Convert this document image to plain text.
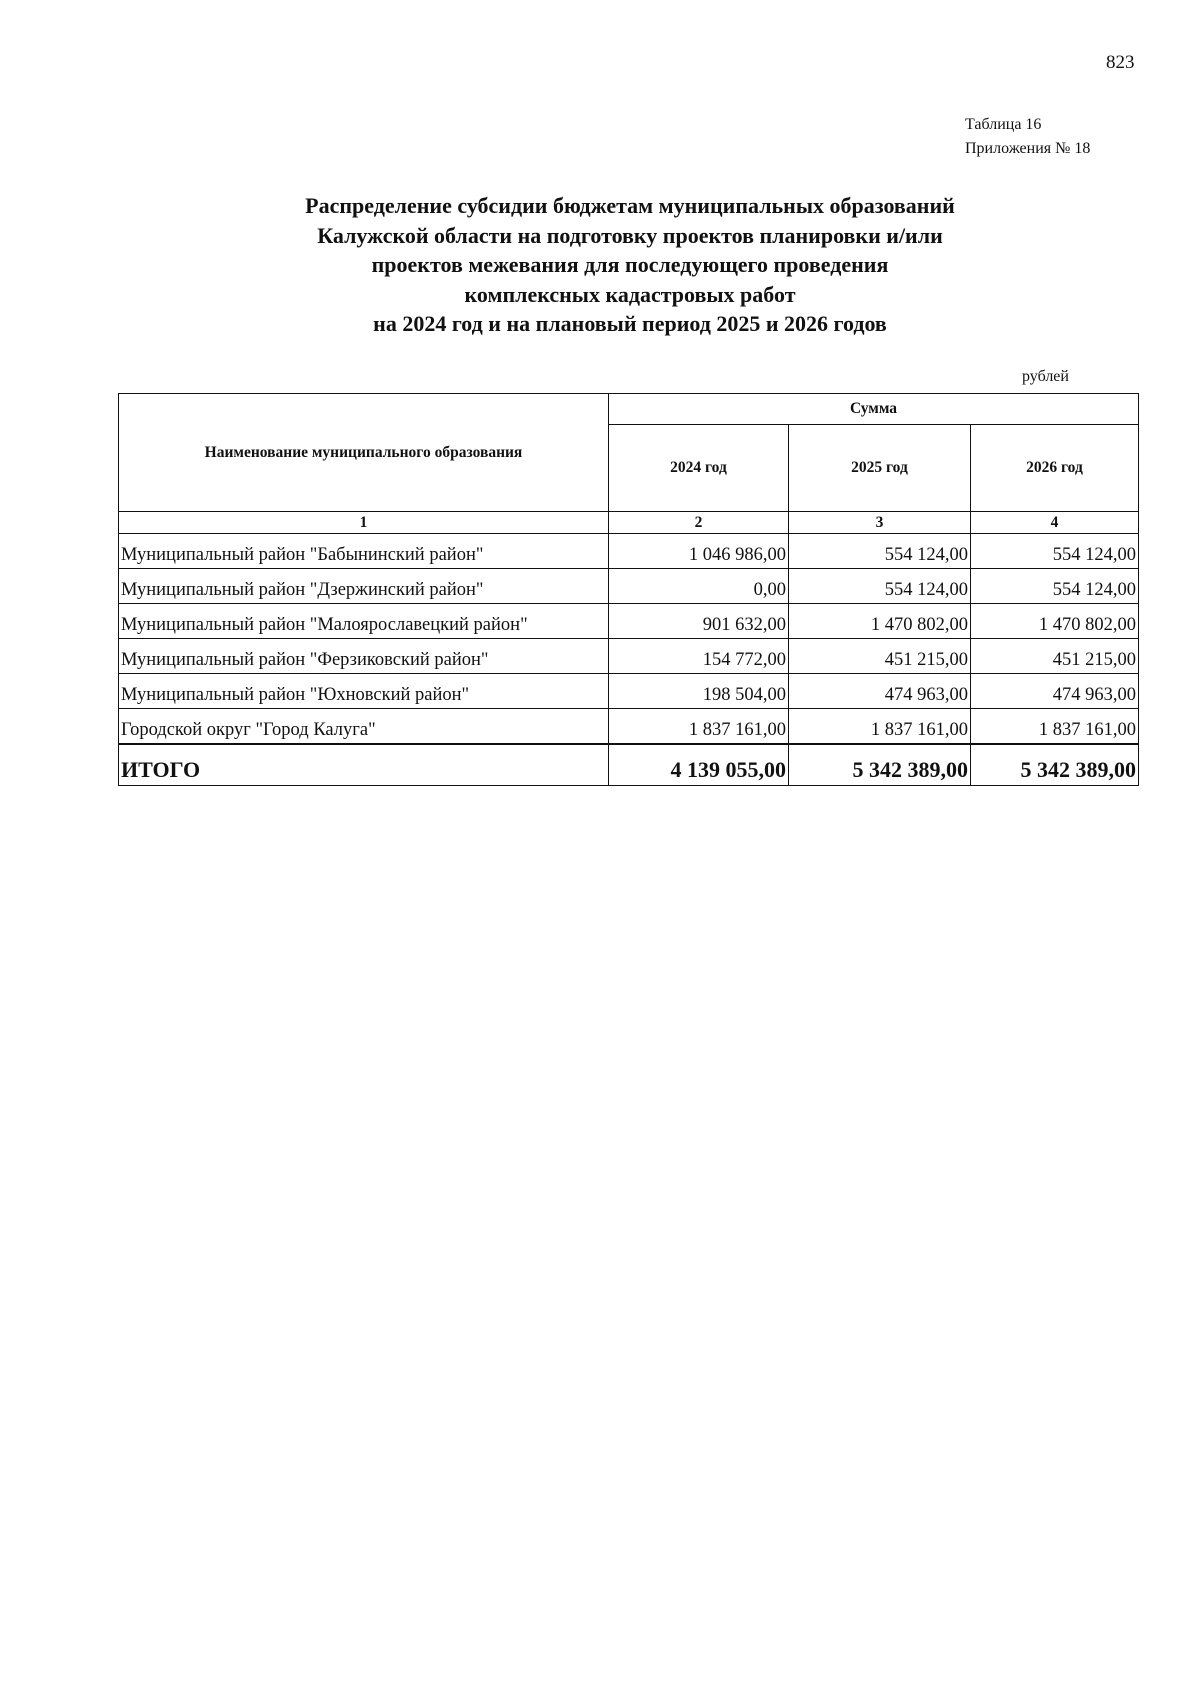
823
Таблица 16
Приложения № 18
Распределение субсидии бюджетам муниципальных образований
Калужской области на подготовку проектов планировки и/или
проектов межевания для последующего проведения
комплексных кадастровых работ
на 2024 год и на плановый период 2025 и 2026 годов
рублей
Наименование муниципального образования	Сумма		
	2024 год	2025 год	2026 год
1	2	3	4
Муниципальный район "Бабынинский район"	1 046 986,00	554 124,00	554 124,00
Муниципальный район "Дзержинский район"	0,00	554 124,00	554 124,00
Муниципальный район "Малоярославецкий район"	901 632,00	1 470 802,00	1 470 802,00
Муниципальный район "Ферзиковский район"	154 772,00	451 215,00	451 215,00
Муниципальный район "Юхновский район"	198 504,00	474 963,00	474 963,00
Городской округ "Город Калуга"	1 837 161,00	1 837 161,00	1 837 161,00
ИТОГО	4 139 055,00	5 342 389,00	5 342 389,00
